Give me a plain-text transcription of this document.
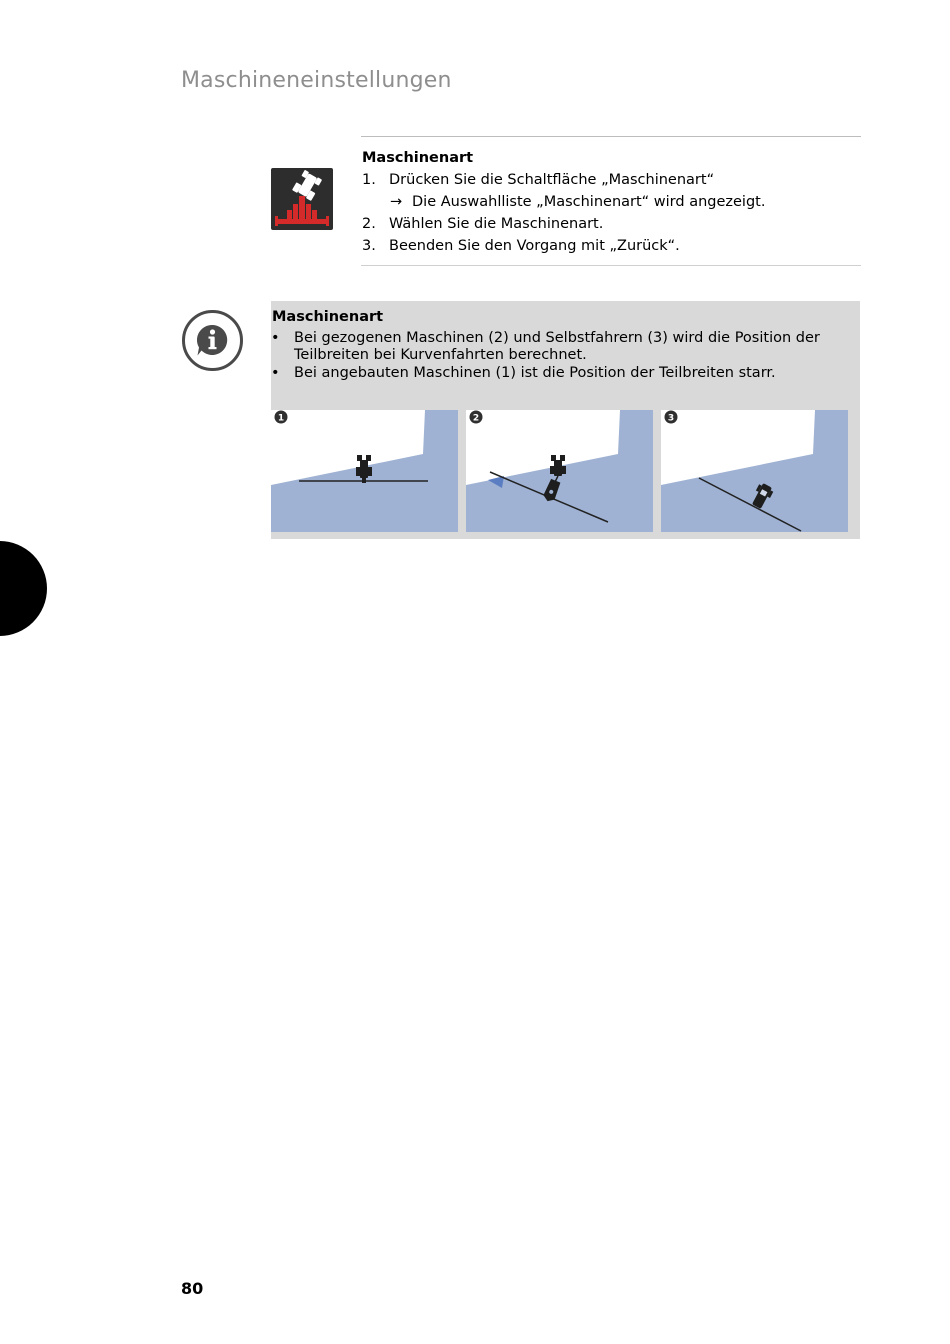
Maschineneinstellungen
Maschinenart
1. Drücken Sie die Schaltfläche „Maschinenart“
→ Die Auswahlliste „Maschinenart“ wird angezeigt.
2. Wählen Sie die Maschinenart.
3. Beenden Sie den Vorgang mit „Zurück“.
Maschinenart
• Bei gezogenen Maschinen (2) und Selbstfahrern (3) wird die Position der Teilbreiten bei Kurvenfahrten berechnet.
• Bei angebauten Maschinen (1) ist die Position der Teilbreiten starr.
1	2	3
80
